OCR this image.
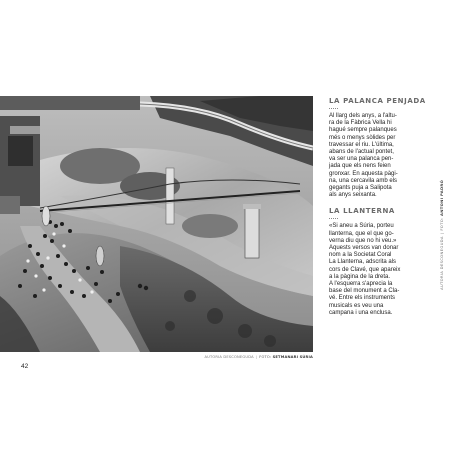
AUTORIA DESCONEGUDA | FOTO: SETMANARI SÚRIA
42
LA PALANCA PENJADA

Al llarg dels anys, a l'altu-
ra de la Fàbrica Vella hi
hagué sempre palanques
més o menys sòlides per
travessar el riu. L'última,
abans de l'actual pontet,
va ser una palanca pen-
jada que els nens feien
gronxar. En aquesta pàgi-
na, una cercavila amb els
gegants puja a Salipota
als anys seixanta.

LA LLANTERNA

«Si aneu a Súria, porteu
llanterna, que el que go-
verna diu que no hi veu.»
Aquests versos van donar
nom a la Societat Coral
La Llanterna, adscrita als
cors de Clavé, que apareix
a la pàgina de la dreta.
A l'esquerra s'aprecia la
base del monument a Cla-
vé. Entre els instruments
musicals es veu una
campana i una enclusa.

AUTORIA DESCONEGUDA|FOTO: ANTONI PADRÓ
